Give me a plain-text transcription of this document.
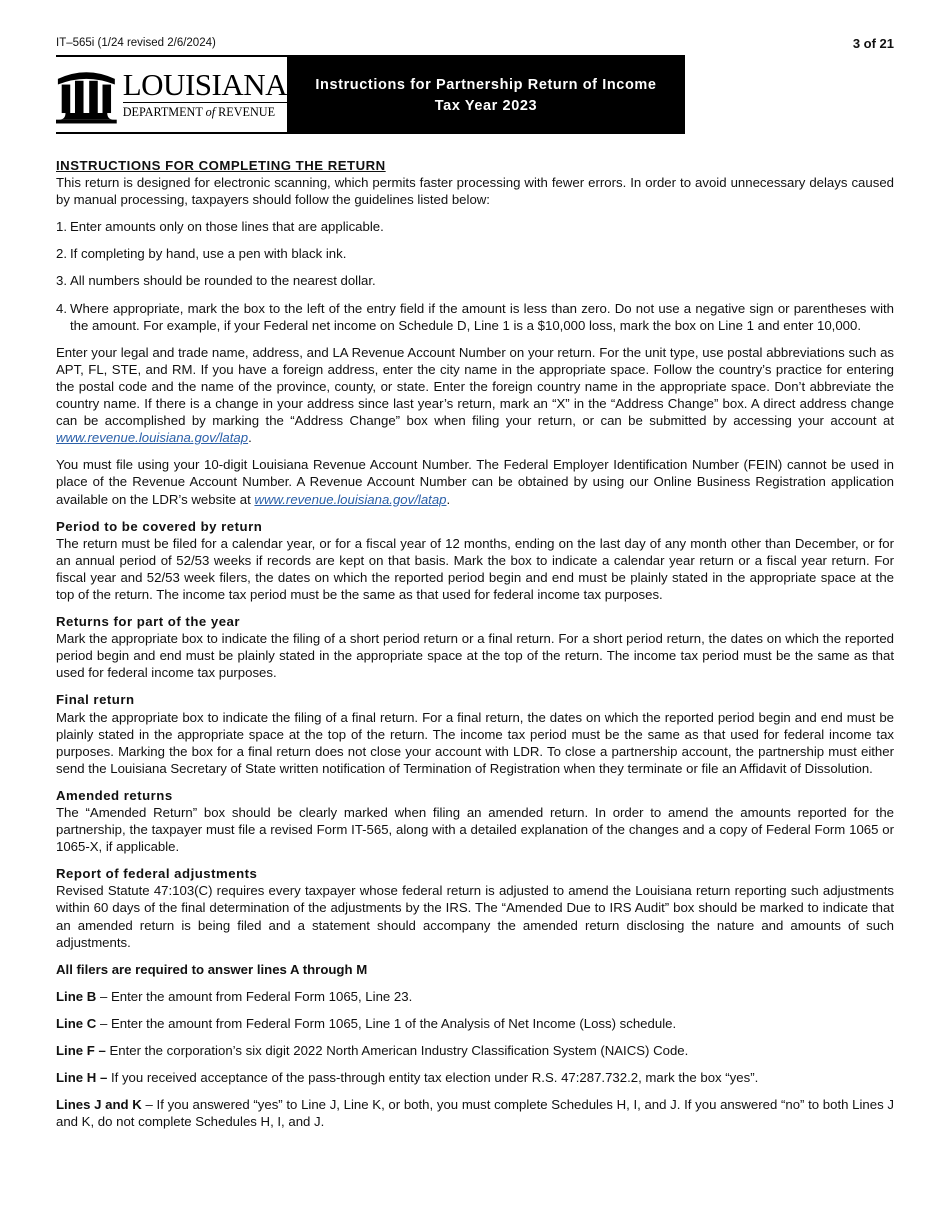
IT–565i (1/24 revised 2/6/2024)	3 of 21
LOUISIANA
DEPARTMENT of REVENUE
Instructions for Partnership Return of Income
Tax Year 2023

INSTRUCTIONS FOR COMPLETING THE RETURN

This return is designed for electronic scanning, which permits faster processing with fewer errors. In order to avoid unnecessary delays caused by manual processing, taxpayers should follow the guidelines listed below:

1. Enter amounts only on those lines that are applicable.
2. If completing by hand, use a pen with black ink.
3. All numbers should be rounded to the nearest dollar.
4. Where appropriate, mark the box to the left of the entry field if the amount is less than zero. Do not use a negative sign or parentheses with the amount. For example, if your Federal net income on Schedule D, Line 1 is a $10,000 loss, mark the box on Line 1 and enter 10,000.

Enter your legal and trade name, address, and LA Revenue Account Number on your return. For the unit type, use postal abbreviations such as APT, FL, STE, and RM. If you have a foreign address, enter the city name in the appropriate space. Follow the country’s practice for entering the postal code and the name of the province, county, or state. Enter the foreign country name in the appropriate space. Don’t abbreviate the country name. If there is a change in your address since last year’s return, mark an “X” in the “Address Change” box. A direct address change can be accomplished by marking the “Address Change” box when filing your return, or can be submitted by accessing your account at www.revenue.louisiana.gov/latap.

You must file using your 10-digit Louisiana Revenue Account Number. The Federal Employer Identification Number (FEIN) cannot be used in place of the Revenue Account Number. A Revenue Account Number can be obtained by using our Online Business Registration application available on the LDR’s website at www.revenue.louisiana.gov/latap.

Period to be covered by return

The return must be filed for a calendar year, or for a fiscal year of 12 months, ending on the last day of any month other than December, or for an annual period of 52/53 weeks if records are kept on that basis. Mark the box to indicate a calendar year return or a fiscal year return. For fiscal year and 52/53 week filers, the dates on which the reported period begin and end must be plainly stated in the appropriate space at the top of the return. The income tax period must be the same as that used for federal income tax purposes.

Returns for part of the year

Mark the appropriate box to indicate the filing of a short period return or a final return. For a short period return, the dates on which the reported period begin and end must be plainly stated in the appropriate space at the top of the return. The income tax period must be the same as that used for federal income tax purposes.

Final return

Mark the appropriate box to indicate the filing of a final return. For a final return, the dates on which the reported period begin and end must be plainly stated in the appropriate space at the top of the return. The income tax period must be the same as that used for federal income tax purposes. Marking the box for a final return does not close your account with LDR. To close a partnership account, the partnership must either send the Louisiana Secretary of State written notification of Termination of Registration when they terminate or file an Affidavit of Dissolution.

Amended returns

The “Amended Return” box should be clearly marked when filing an amended return. In order to amend the amounts reported for the partnership, the taxpayer must file a revised Form IT-565, along with a detailed explanation of the changes and a copy of Federal Form 1065 or 1065-X, if applicable.

Report of federal adjustments

Revised Statute 47:103(C) requires every taxpayer whose federal return is adjusted to amend the Louisiana return reporting such adjustments within 60 days of the final determination of the adjustments by the IRS. The “Amended Due to IRS Audit” box should be marked to indicate that an amended return is being filed and a statement should accompany the amended return disclosing the nature and amounts of such adjustments.

All filers are required to answer lines A through M

Line B – Enter the amount from Federal Form 1065, Line 23.

Line C – Enter the amount from Federal Form 1065, Line 1 of the Analysis of Net Income (Loss) schedule.

Line F – Enter the corporation’s six digit 2022 North American Industry Classification System (NAICS) Code.

Line H – If you received acceptance of the pass-through entity tax election under R.S. 47:287.732.2, mark the box “yes”.

Lines J and K – If you answered “yes” to Line J, Line K, or both, you must complete Schedules H, I, and J. If you answered “no” to both Lines J and K, do not complete Schedules H, I, and J.
